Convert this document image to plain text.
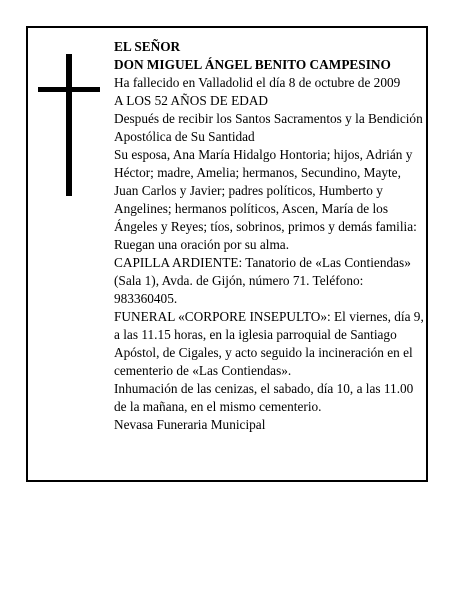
EL SEÑOR

DON MIGUEL ÁNGEL BENITO CAMPESINO

Ha fallecido en Valladolid el día 8 de octubre de 2009

A LOS 52 AÑOS DE EDAD

Después de recibir los Santos Sacramentos y la Bendición Apostólica de Su Santidad

Su esposa, Ana María Hidalgo Hontoria; hijos, Adrián y Héctor; madre, Amelia; hermanos, Secundino, Mayte, Juan Carlos y Javier; padres políticos, Humberto y Angelines; hermanos políticos, Ascen, María de los Ángeles y Reyes; tíos, sobrinos, primos y demás familia:

Ruegan una oración por su alma.

CAPILLA ARDIENTE: Tanatorio de «Las Contiendas» (Sala 1), Avda. de Gijón, número 71. Teléfono: 983360405.

FUNERAL «CORPORE INSEPULTO»: El viernes, día 9, a las 11.15 horas, en la iglesia parroquial de Santiago Apóstol, de Cigales, y acto seguido la incineración en el cementerio de «Las Contiendas».

Inhumación de las cenizas, el sabado, día 10, a las 11.00 de la mañana, en el mismo cementerio.

Nevasa Funeraria Municipal
